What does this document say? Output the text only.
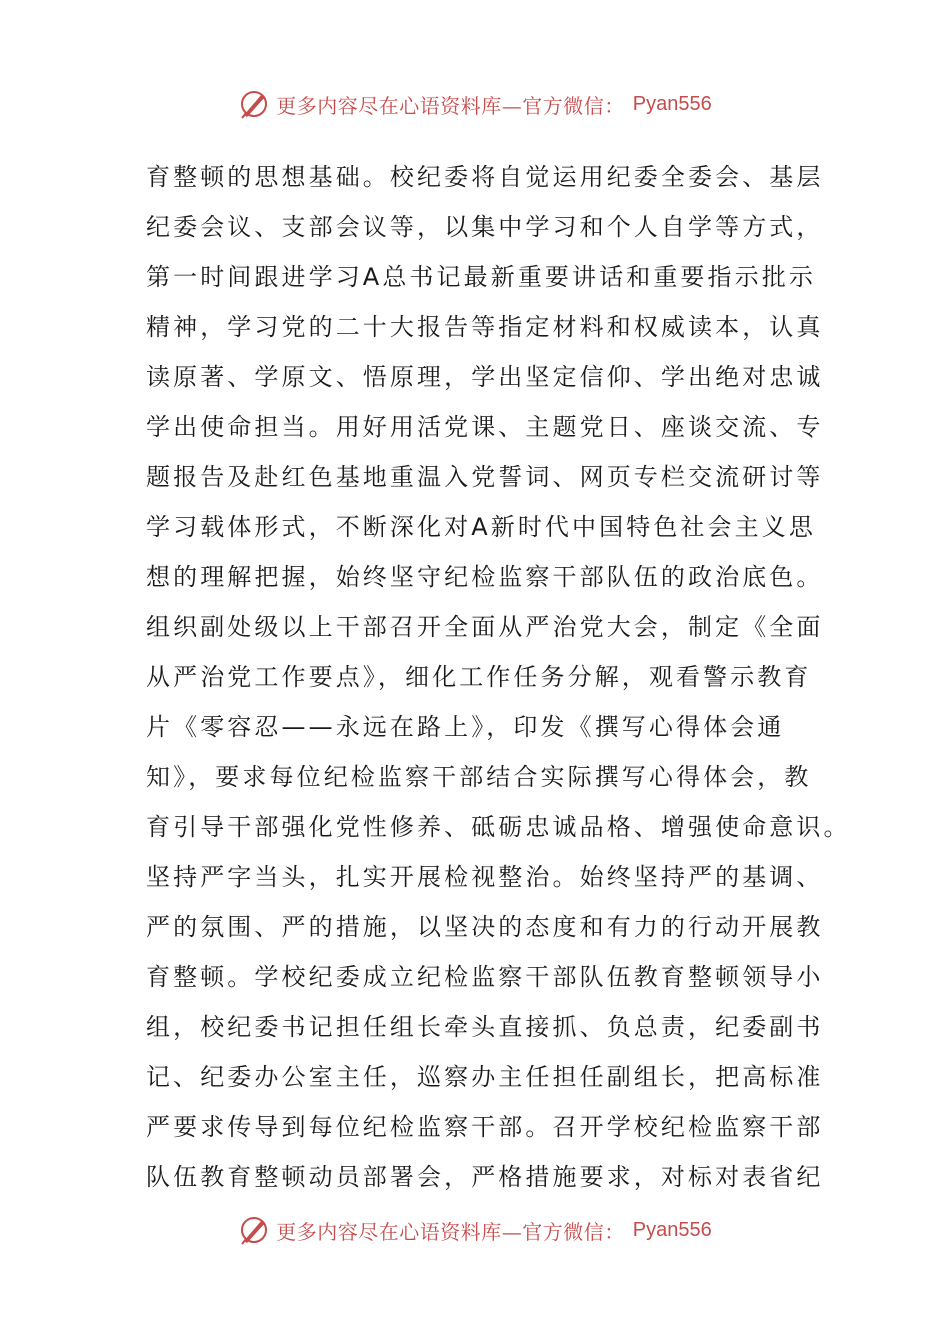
更多内容尽在心语资料库—官方微信： Pyan556
育整顿的思想基础。校纪委将自觉运用纪委全委会、基层
纪委会议、支部会议等，以集中学习和个人自学等方式，
第一时间跟进学习A总书记最新重要讲话和重要指示批示
精神，学习党的二十大报告等指定材料和权威读本，认真
读原著、学原文、悟原理，学出坚定信仰、学出绝对忠诚
学出使命担当。用好用活党课、主题党日、座谈交流、专
题报告及赴红色基地重温入党誓词、网页专栏交流研讨等
学习载体形式，不断深化对A新时代中国特色社会主义思
想的理解把握，始终坚守纪检监察干部队伍的政治底色。
组织副处级以上干部召开全面从严治党大会，制定《全面
从严治党工作要点》，细化工作任务分解，观看警示教育
片《零容忍——永远在路上》，印发《撰写心得体会通
知》，要求每位纪检监察干部结合实际撰写心得体会，教
育引导干部强化党性修养、砥砺忠诚品格、增强使命意识。
坚持严字当头，扎实开展检视整治。始终坚持严的基调、
严的氛围、严的措施，以坚决的态度和有力的行动开展教
育整顿。学校纪委成立纪检监察干部队伍教育整顿领导小
组，校纪委书记担任组长牵头直接抓、负总责，纪委副书
记、纪委办公室主任，巡察办主任担任副组长，把高标准
严要求传导到每位纪检监察干部。召开学校纪检监察干部
队伍教育整顿动员部署会，严格措施要求，对标对表省纪
更多内容尽在心语资料库—官方微信： Pyan556
